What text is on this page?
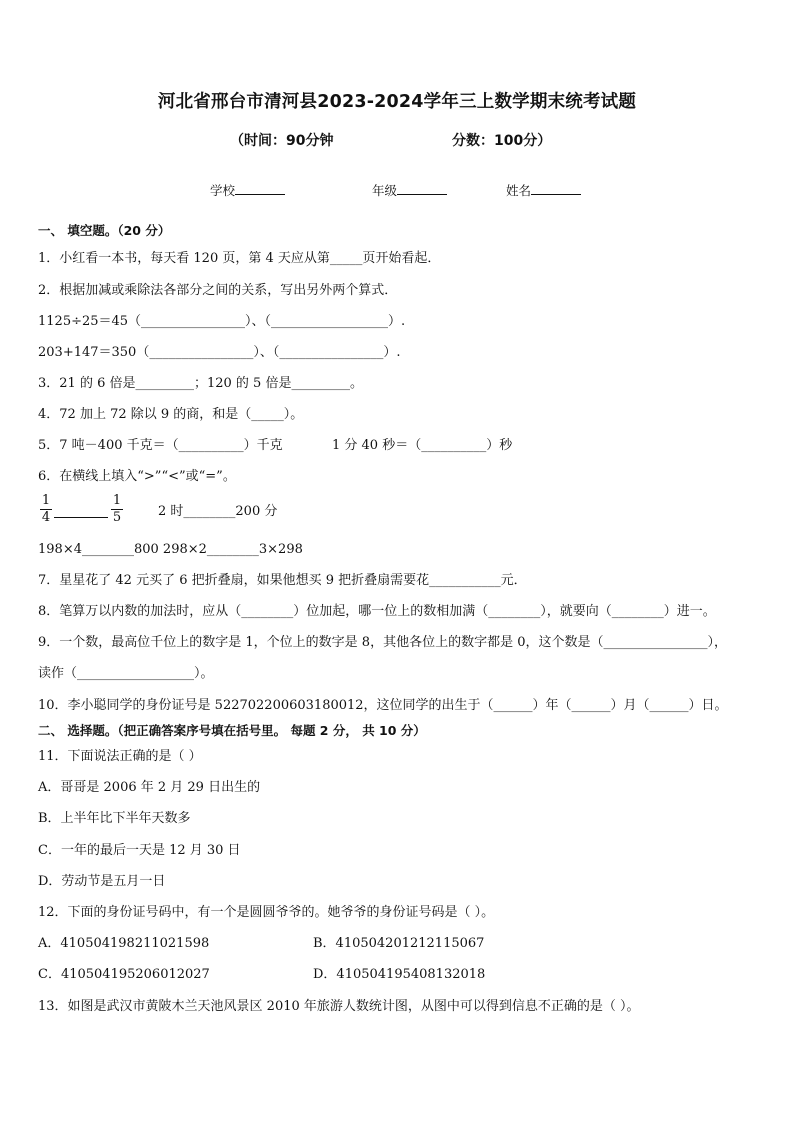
河北省邢台市清河县2023-2024学年三上数学期末统考试题
（时间：90分钟	分数：100分）
学校	年级	姓名
一、 填空题。（20 分）
1．小红看一本书，每天看 120 页，第 4 天应从第_____页开始看起．
2．根据加减或乘除法各部分之间的关系，写出另外两个算式．
1125÷25＝45（________________）、（__________________）.
203+147＝350（________________）、（________________）.
3．21 的 6 倍是_________；120 的 5 倍是_________。
4．72 加上 72 除以 9 的商，和是（_____）。
5．7 吨－400 千克＝（__________）千克	1 分 40 秒＝（__________）秒
6．在横线上填入“>”“<”或“=”。
1
4
1
5	2 时________200 分
198×4________800 298×2________3×298
7．星星花了 42 元买了 6 把折叠扇，如果他想买 9 把折叠扇需要花___________元．
8．笔算万以内数的加法时，应从（________）位加起，哪一位上的数相加满（________），就要向（________）进一。
9．一个数，最高位千位上的数字是 1，个位上的数字是 8，其他各位上的数字都是 0，这个数是（________________），
读作（__________________）。
10．李小聪同学的身份证号是 522702200603180012，这位同学的出生于（______）年（______）月（______）日。
二、 选择题。（把正确答案序号填在括号里。 每题 2 分， 共 10 分）
11．下面说法正确的是（ ）
A．哥哥是 2006 年 2 月 29 日出生的
B．上半年比下半年天数多
C．一年的最后一天是 12 月 30 日
D．劳动节是五月一日
12．下面的身份证号码中，有一个是圆圆爷爷的。她爷爷的身份证号码是（ ）。
A．410504198211021598	B．410504201212115067
C．410504195206012027	D．410504195408132018
13．如图是武汉市黄陂木兰天池风景区 2010 年旅游人数统计图，从图中可以得到信息不正确的是（ ）。
